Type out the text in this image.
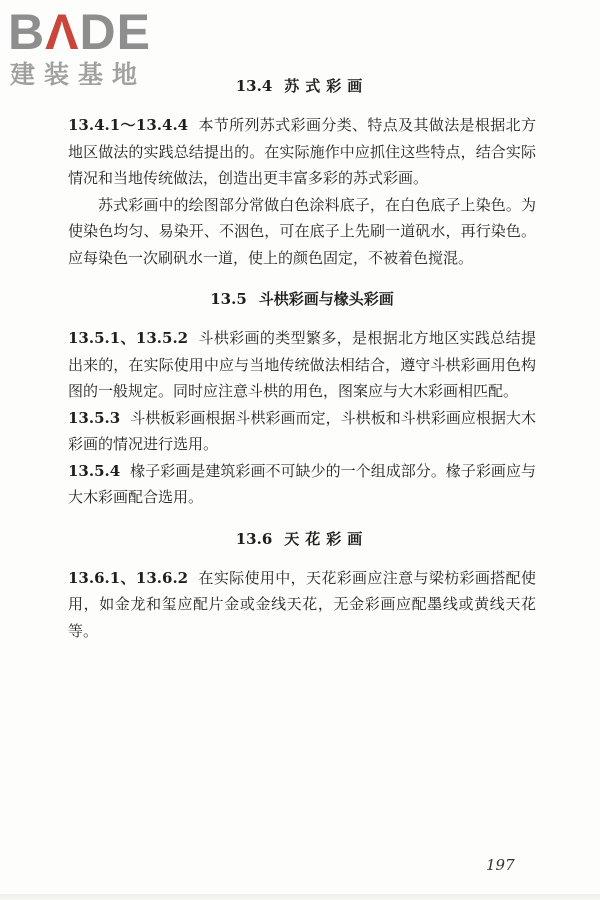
BΛDE
建装基地	13.4 苏式彩画

13.4.1～13.4.4 本节所列苏式彩画分类、特点及其做法是根据北方地区做法的实践总结提出的。在实际施作中应抓住这些特点，结合实际情况和当地传统做法，创造出更丰富多彩的苏式彩画。

苏式彩画中的绘图部分常做白色涂料底子，在白色底子上染色。为使染色均匀、易染开、不洇色，可在底子上先刷一道矾水，再行染色。应每染色一次刷矾水一道，使上的颜色固定，不被着色搅混。

13.5 斗栱彩画与椽头彩画

13.5.1、13.5.2 斗栱彩画的类型繁多，是根据北方地区实践总结提出来的，在实际使用中应与当地传统做法相结合，遵守斗栱彩画用色构图的一般规定。同时应注意斗栱的用色，图案应与大木彩画相匹配。

13.5.3 斗栱板彩画根据斗栱彩画而定，斗栱板和斗栱彩画应根据大木彩画的情况进行选用。

13.5.4 椽子彩画是建筑彩画不可缺少的一个组成部分。椽子彩画应与大木彩画配合选用。

13.6 天花彩画

13.6.1、13.6.2 在实际使用中，天花彩画应注意与梁枋彩画搭配使用，如金龙和玺应配片金或金线天花，无金彩画应配墨线或黄线天花等。

197
